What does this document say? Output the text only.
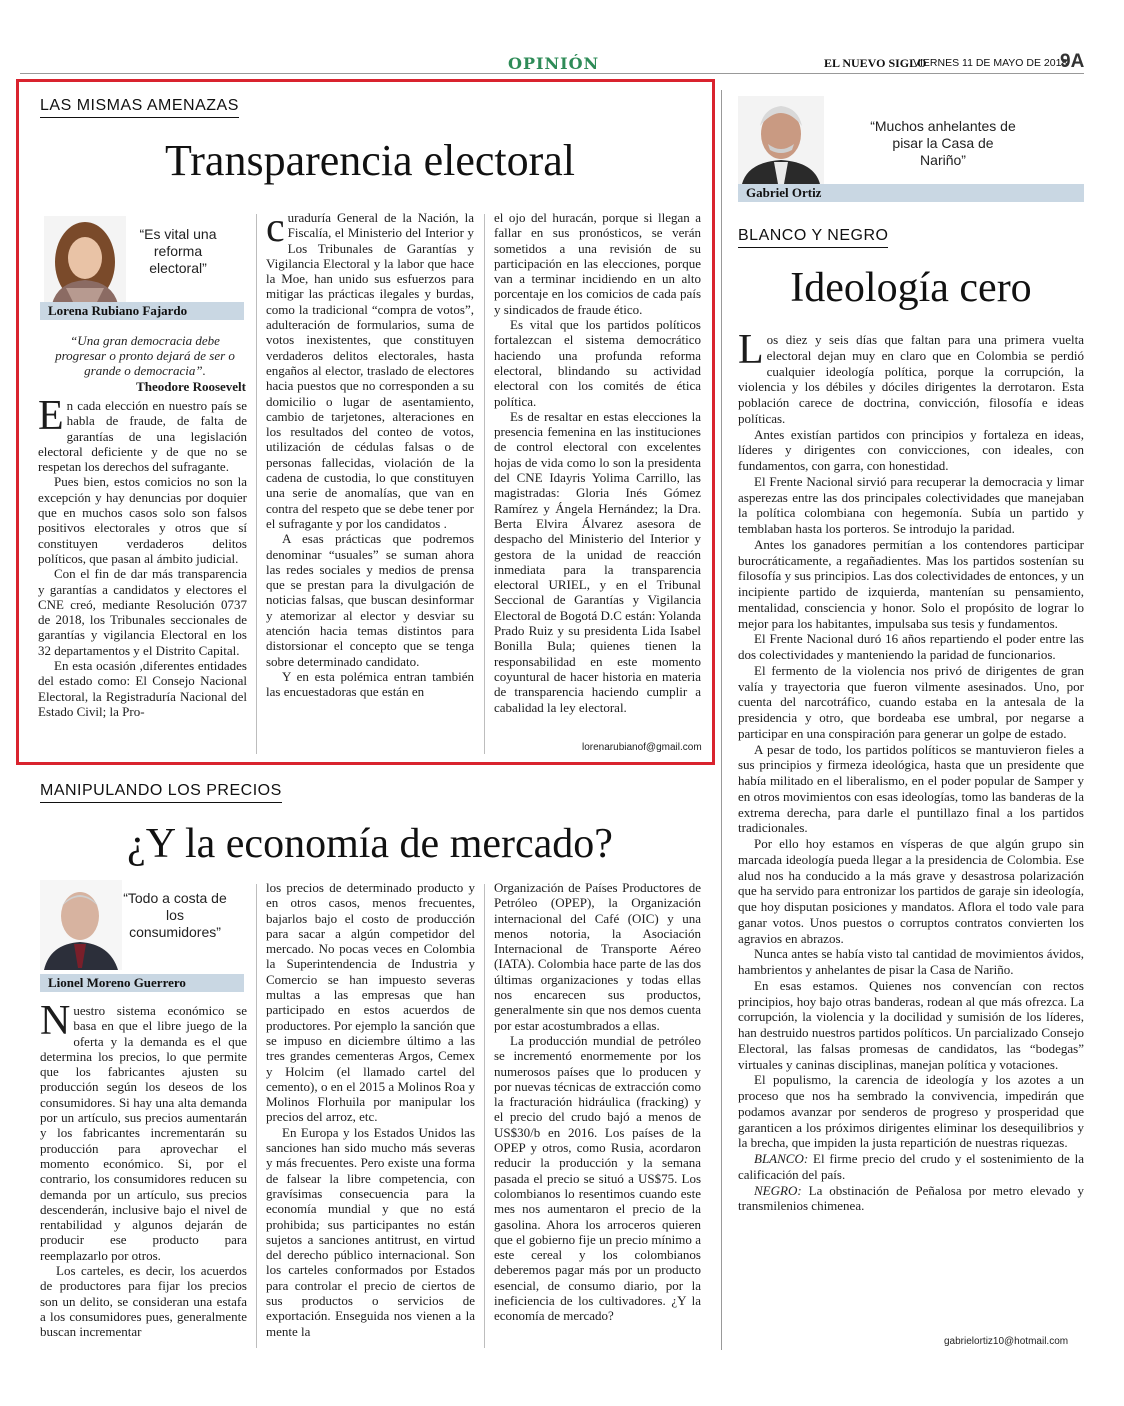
OPINIÓN	EL NUEVO SIGLO
VIERNES 11 DE MAYO DE 2018
9A
LAS MISMAS AMENAZAS
Transparencia electoral
“Es vital una reforma electoral”
Lorena Rubiano Fajardo
“Una gran democracia debe progresar o pronto dejará de ser o grande o democracia”.
Theodore Roosevelt

En cada elección en nuestro país se habla de fraude, de falta de garantías de una legislación electoral deficiente y de que no se respetan los derechos del sufragante.

Pues bien, estos comicios no son la excepción y hay denuncias por doquier que en muchos casos solo son falsos positivos electorales y otros que sí constituyen verdaderos delitos políticos, que pasan al ámbito judicial.

Con el fin de dar más transparencia y garantías a candidatos y electores el CNE creó, mediante Resolución 0737 de 2018, los Tribunales seccionales de garantías y vigilancia Electoral en los 32 departamentos y el Distrito Capital.

En esta ocasión ,diferentes entidades del estado como: El Consejo Nacional Electoral, la Registraduría Nacional del Estado Civil; la Pro-

curaduría General de la Nación, la Fiscalía, el Ministerio del Interior y Los Tribunales de Garantías y Vigilancia Electoral y la labor que hace la Moe, han unido sus esfuerzos para mitigar las prácticas ilegales y burdas, como la tradicional “compra de votos”, adulteración de formularios, suma de votos inexistentes, que constituyen verdaderos delitos electorales, hasta engaños al elector, traslado de electores hacia puestos que no corresponden a su domicilio o lugar de asentamiento, cambio de tarjetones, alteraciones en los resultados del conteo de votos, utilización de cédulas falsas o de personas fallecidas, violación de la cadena de custodia, lo que constituyen una serie de anomalías, que van en contra del respeto que se debe tener por el sufragante y por los candidatos .

A esas prácticas que podremos denominar “usuales” se suman ahora las redes sociales y medios de prensa que se prestan para la divulgación de noticias falsas, que buscan desinformar y atemorizar al elector y desviar su atención hacia temas distintos para distorsionar el concepto que se tenga sobre determinado candidato.

Y en esta polémica entran también las encuestadoras que están en

el ojo del huracán, porque si llegan a fallar en sus pronósticos, se verán sometidos a una revisión de su participación en las elecciones, porque van a terminar incidiendo en un alto porcentaje en los comicios de cada país y sindicados de fraude ético.

Es vital que los partidos políticos fortalezcan el sistema democrático haciendo una profunda reforma electoral, blindando su actividad electoral con los comités de ética política.

Es de resaltar en estas elecciones la presencia femenina en las instituciones de control electoral con excelentes hojas de vida como lo son la presidenta del CNE Idayris Yolima Carrillo, las magistradas: Gloria Inés Gómez Ramírez y Ángela Hernández; la Dra. Berta Elvira Álvarez asesora de despacho del Ministerio del Interior y gestora de la unidad de reacción inmediata para la transparencia electoral URIEL, y en el Tribunal Seccional de Garantías y Vigilancia Electoral de Bogotá D.C están: Yolanda Prado Ruiz y su presidenta Lida Isabel Bonilla Bula; quienes tienen la responsabilidad en este momento coyuntural de hacer historia en materia de transparencia haciendo cumplir a cabalidad la ley electoral.

lorenarubianof@gmail.com
MANIPULANDO LOS PRECIOS
¿Y la economía de mercado?
“Todo a costa de los consumidores”
Lionel Moreno Guerrero

Nuestro sistema económico se basa en que el libre juego de la oferta y la demanda es el que determina los precios, lo que permite que los fabricantes ajusten su producción según los deseos de los consumidores. Si hay una alta demanda por un artículo, sus precios aumentarán y los fabricantes incrementarán su producción para aprovechar el momento económico. Si, por el contrario, los consumidores reducen su demanda por un artículo, sus precios descenderán, inclusive bajo el nivel de rentabilidad y algunos dejarán de producir ese producto para reemplazarlo por otros.

Los carteles, es decir, los acuerdos de productores para fijar los precios son un delito, se consideran una estafa a los consumidores pues, generalmente buscan incrementar

los precios de determinado producto y en otros casos, menos frecuentes, bajarlos bajo el costo de producción para sacar a algún competidor del mercado. No pocas veces en Colombia la Superintendencia de Industria y Comercio se han impuesto severas multas a las empresas que han participado en estos acuerdos de productores. Por ejemplo la sanción que se impuso en diciembre último a las tres grandes cementeras Argos, Cemex y Holcim (el llamado cartel del cemento), o en el 2015 a Molinos Roa y Molinos Florhuila por manipular los precios del arroz, etc.

En Europa y los Estados Unidos las sanciones han sido mucho más severas y más frecuentes. Pero existe una forma de falsear la libre competencia, con gravísimas consecuencia para la economía mundial y que no está prohibida; sus participantes no están sujetos a sanciones antitrust, en virtud del derecho público internacional. Son los carteles conformados por Estados para controlar el precio de ciertos de sus productos o servicios de exportación. Enseguida nos vienen a la mente la

Organización de Países Productores de Petróleo (OPEP), la Organización internacional del Café (OIC) y una menos notoria, la Asociación Internacional de Transporte Aéreo (IATA). Colombia hace parte de las dos últimas organizaciones y todas ellas nos encarecen sus productos, generalmente sin que nos demos cuenta por estar acostumbrados a ellas.

La producción mundial de petróleo se incrementó enormemente por los numerosos países que lo producen y por nuevas técnicas de extracción como la fracturación hidráulica (fracking) y el precio del crudo bajó a menos de US$30/b en 2016. Los países de la OPEP y otros, como Rusia, acordaron reducir la producción y la semana pasada el precio se situó a US$75. Los colombianos lo resentimos cuando este mes nos aumentaron el precio de la gasolina. Ahora los arroceros quieren que el gobierno fije un precio mínimo a este cereal y los colombianos deberemos pagar más por un producto esencial, de consumo diario, por la ineficiencia de los cultivadores. ¿Y la economía de mercado?

“Muchos anhelantes de pisar la Casa de Nariño”
Gabriel Ortiz
BLANCO Y NEGRO
Ideología cero

Los diez y seis días que faltan para una primera vuelta electoral dejan muy en claro que en Colombia se perdió cualquier ideología política, porque la corrupción, la violencia y los débiles y dóciles dirigentes la derrotaron. Esta población carece de doctrina, convicción, filosofía e ideas políticas.

Antes existían partidos con principios y fortaleza en ideas, líderes y dirigentes con convicciones, con ideales, con fundamentos, con garra, con honestidad.

El Frente Nacional sirvió para recuperar la democracia y limar asperezas entre las dos principales colectividades que manejaban la política colombiana con hegemonía. Subía un partido y temblaban hasta los porteros. Se introdujo la paridad.

Antes los ganadores permitían a los contendores participar burocráticamente, a regañadientes. Mas los partidos sostenían su filosofía y sus principios. Las dos colectividades de entonces, y un incipiente partido de izquierda, mantenían su pensamiento, mentalidad, consciencia y honor. Solo el propósito de lograr lo mejor para los habitantes, impulsaba sus tesis y fundamentos.

El Frente Nacional duró 16 años repartiendo el poder entre las dos colectividades y manteniendo la paridad de funcionarios.

El fermento de la violencia nos privó de dirigentes de gran valía y trayectoria que fueron vilmente asesinados. Uno, por cuenta del narcotráfico, cuando estaba en la antesala de la presidencia y otro, que bordeaba ese umbral, por negarse a participar en una conspiración para generar un golpe de estado.

A pesar de todo, los partidos políticos se mantuvieron fieles a sus principios y firmeza ideológica, hasta que un presidente que había militado en el liberalismo, en el poder popular de Samper y en otros movimientos con esas ideologías, tomo las banderas de la extrema derecha, para darle el puntillazo final a los partidos tradicionales.

Por ello hoy estamos en vísperas de que algún grupo sin marcada ideología pueda llegar a la presidencia de Colombia. Ese alud nos ha conducido a la más grave y desastrosa polarización que ha servido para entronizar los partidos de garaje sin ideología, que hoy disputan posiciones y mandatos. Aflora el todo vale para ganar votos. Unos puestos o corruptos contratos convierten los agravios en abrazos.

Nunca antes se había visto tal cantidad de movimientos ávidos, hambrientos y anhelantes de pisar la Casa de Nariño.

En esas estamos. Quienes nos convencían con rectos principios, hoy bajo otras banderas, rodean al que más ofrezca. La corrupción, la violencia y la docilidad y sumisión de los líderes, han destruido nuestros partidos políticos. Un parcializado Consejo Electoral, las falsas promesas de candidatos, las “bodegas” virtuales y caninas disciplinas, manejan política y votaciones.

El populismo, la carencia de ideología y los azotes a un proceso que nos ha sembrado la convivencia, impedirán que podamos avanzar por senderos de progreso y prosperidad que garanticen a los próximos dirigentes eliminar los desequilibrios y la brecha, que impiden la justa repartición de nuestras riquezas.

BLANCO: El firme precio del crudo y el sostenimiento de la calificación del país.

NEGRO: La obstinación de Peñalosa por metro elevado y transmilenios chimenea.

gabrielortiz10@hotmail.com
